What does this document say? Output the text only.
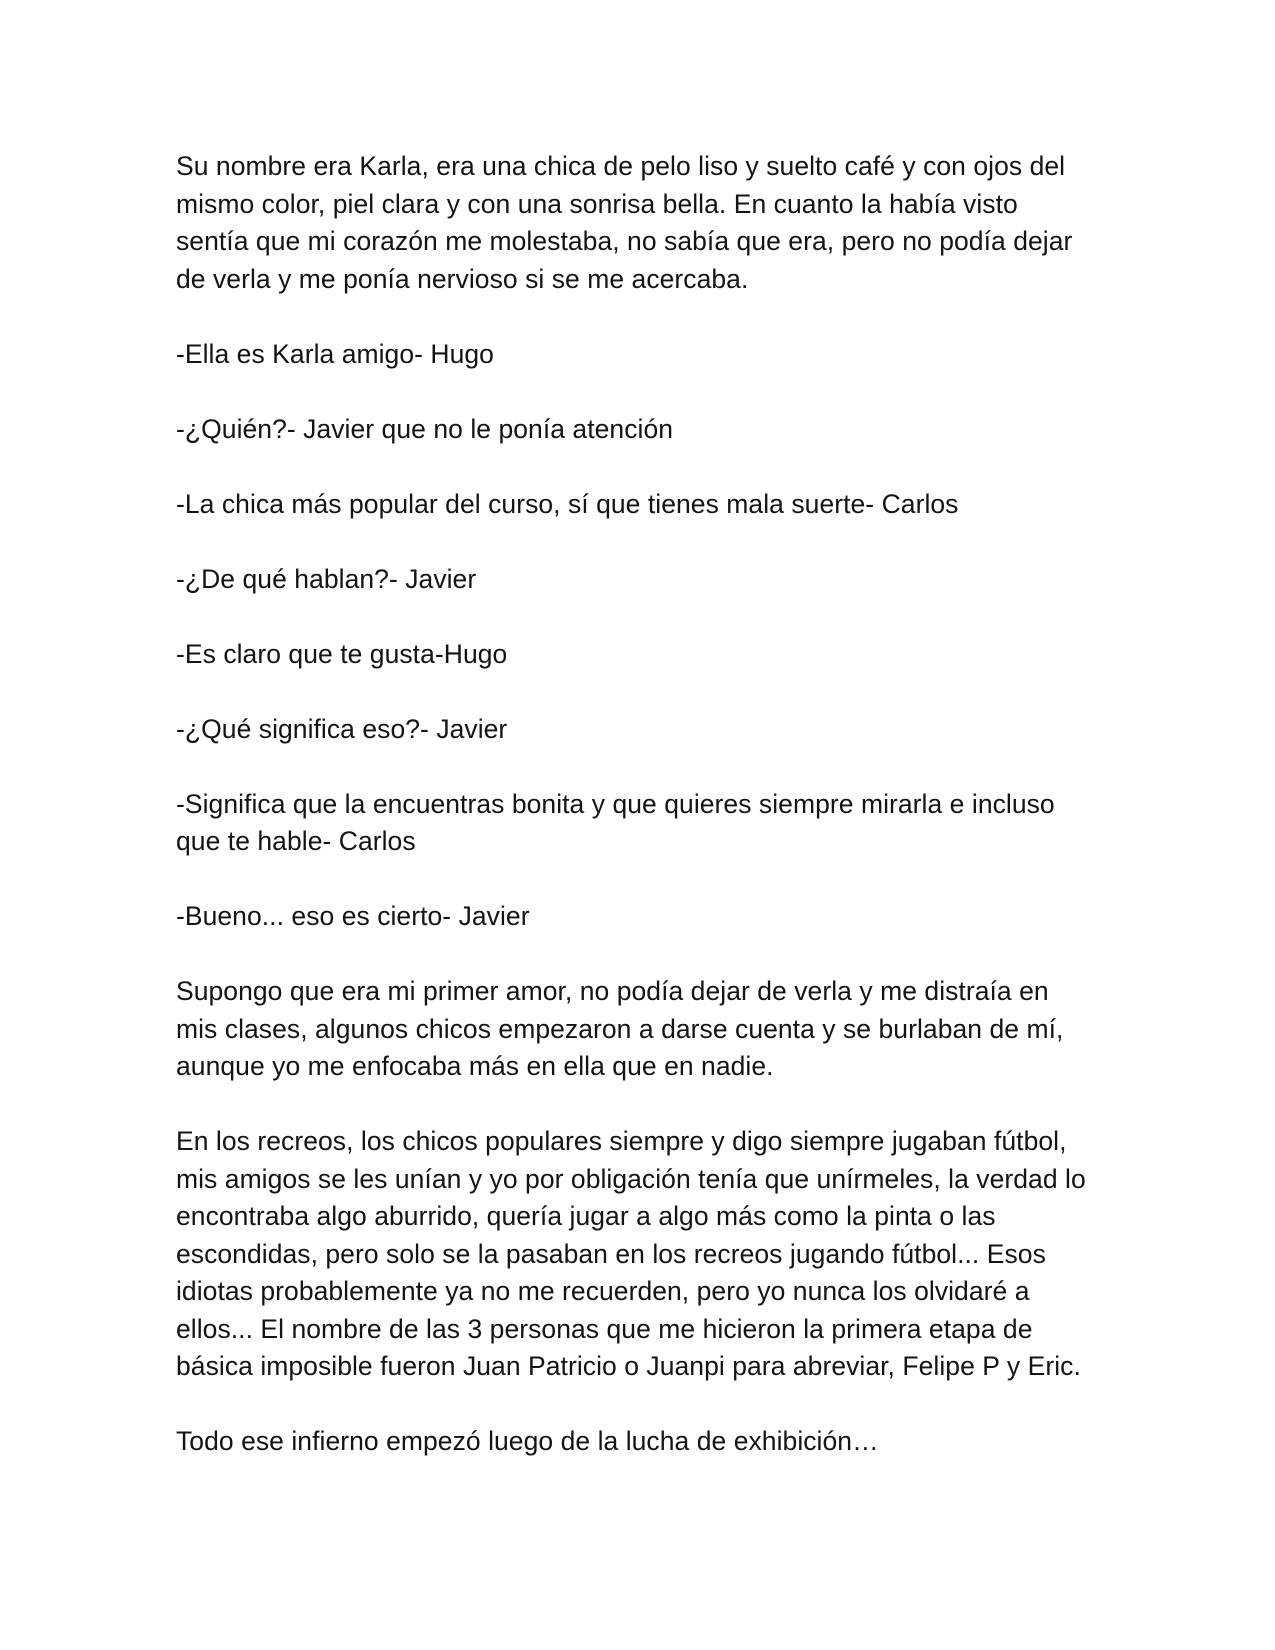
Su nombre era Karla, era una chica de pelo liso y suelto café y con ojos del mismo color, piel clara y con una sonrisa bella. En cuanto la había visto sentía que mi corazón me molestaba, no sabía que era, pero no podía dejar de verla y me ponía nervioso si se me acercaba.

-Ella es Karla amigo- Hugo

-¿Quién?- Javier que no le ponía atención

-La chica más popular del curso, sí que tienes mala suerte- Carlos

-¿De qué hablan?- Javier

-Es claro que te gusta-Hugo

-¿Qué significa eso?- Javier

-Significa que la encuentras bonita y que quieres siempre mirarla e incluso que te hable- Carlos

-Bueno... eso es cierto- Javier

Supongo que era mi primer amor, no podía dejar de verla y me distraía en mis clases, algunos chicos empezaron a darse cuenta y se burlaban de mí, aunque yo me enfocaba más en ella que en nadie.

En los recreos, los chicos populares siempre y digo siempre jugaban fútbol, mis amigos se les unían y yo por obligación tenía que unírmeles, la verdad lo encontraba algo aburrido, quería jugar a algo más como la pinta o las escondidas, pero solo se la pasaban en los recreos jugando fútbol... Esos idiotas probablemente ya no me recuerden, pero yo nunca los olvidaré a ellos... El nombre de las 3 personas que me hicieron la primera etapa de básica imposible fueron Juan Patricio o Juanpi para abreviar, Felipe P y Eric.

Todo ese infierno empezó luego de la lucha de exhibición…
